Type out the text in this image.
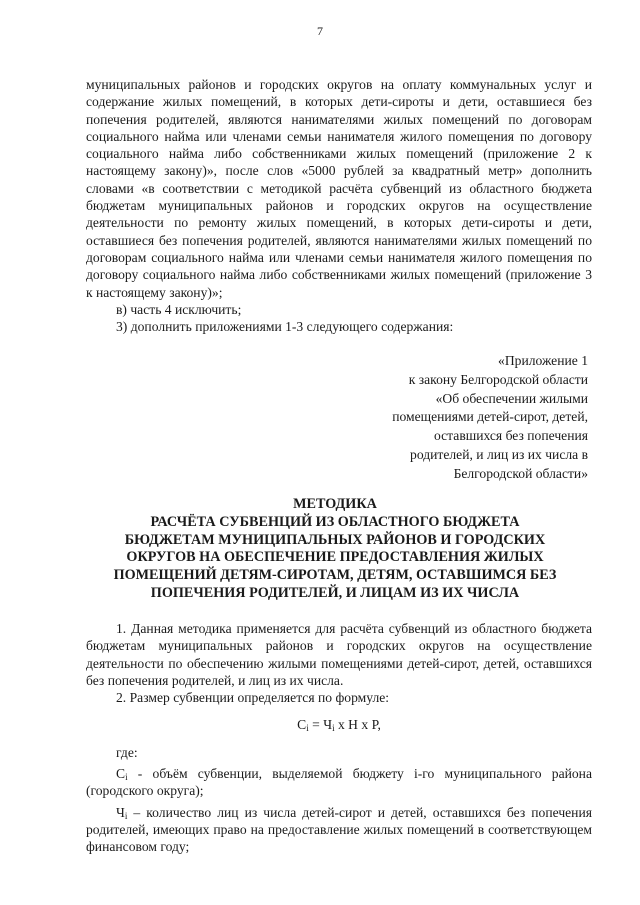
7

муниципальных районов и городских округов на оплату коммунальных услуг и содержание жилых помещений, в которых дети-сироты и дети, оставшиеся без попечения родителей, являются нанимателями жилых помещений по договорам социального найма или членами семьи нанимателя жилого помещения по договору социального найма либо собственниками жилых помещений (приложение 2 к настоящему закону)», после слов «5000 рублей за квадратный метр» дополнить словами «в соответствии с методикой расчёта субвенций из областного бюджета бюджетам муниципальных районов и городских округов на осуществление деятельности по ремонту жилых помещений, в которых дети-сироты и дети, оставшиеся без попечения родителей, являются нанимателями жилых помещений по договорам социального найма или членами семьи нанимателя жилого помещения по договору социального найма либо собственниками жилых помещений (приложение 3 к настоящему закону)»;

в) часть 4 исключить;

3) дополнить приложениями 1-3 следующего содержания:

«Приложение 1
к закону Белгородской области
«Об обеспечении жилыми
помещениями детей-сирот, детей,
оставшихся без попечения
родителей, и лиц из их числа в
Белгородской области»
МЕТОДИКА
РАСЧЁТА СУБВЕНЦИЙ ИЗ ОБЛАСТНОГО БЮДЖЕТА
БЮДЖЕТАМ МУНИЦИПАЛЬНЫХ РАЙОНОВ И ГОРОДСКИХ
ОКРУГОВ НА ОБЕСПЕЧЕНИЕ ПРЕДОСТАВЛЕНИЯ ЖИЛЫХ
ПОМЕЩЕНИЙ ДЕТЯМ-СИРОТАМ, ДЕТЯМ, ОСТАВШИМСЯ БЕЗ
ПОПЕЧЕНИЯ РОДИТЕЛЕЙ, И ЛИЦАМ ИЗ ИХ ЧИСЛА

1. Данная методика применяется для расчёта субвенций из областного бюджета бюджетам муниципальных районов и городских округов на осуществление деятельности по обеспечению жилыми помещениями детей-сирот, детей, оставшихся без попечения родителей, и лиц из их числа.

2. Размер субвенции определяется по формуле:

$С_i = Ч_i$ х Н х Р,

где:

$С_i$ - объём субвенции, выделяемой бюджету i-го муниципального района (городского округа);

$Ч_i$ – количество лиц из числа детей-сирот и детей, оставшихся без попечения родителей, имеющих право на предоставление жилых помещений в соответствующем финансовом году;
